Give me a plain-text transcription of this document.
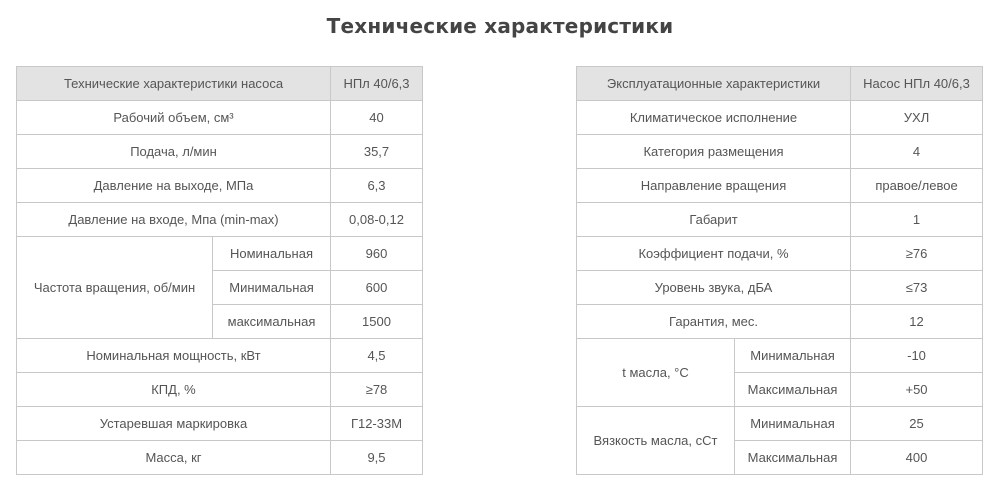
Технические характеристики
Технические характеристики насоса		НПл 40/6,3
Рабочий объем, см³		40
Подача, л/мин		35,7
Давление на выходе, МПа		6,3
Давление на входе, Мпа (min-max)		0,08-0,12
Частота вращения, об/мин	Номинальная	960
	Минимальная	600
	максимальная	1500
Номинальная мощность, кВт		4,5
КПД, %		≥78
Устаревшая маркировка		Г12-33М
Масса, кг		9,5
Эксплуатационные характеристики		Насос НПл 40/6,3
Климатическое исполнение		УХЛ
Категория размещения		4
Направление вращения		правое/левое
Габарит		1
Коэффициент подачи, %		≥76
Уровень звука, дБА		≤73
Гарантия, мес.		12
t масла, °С	Минимальная	-10
	Максимальная	+50
Вязкость масла, сСт	Минимальная	25
	Максимальная	400
